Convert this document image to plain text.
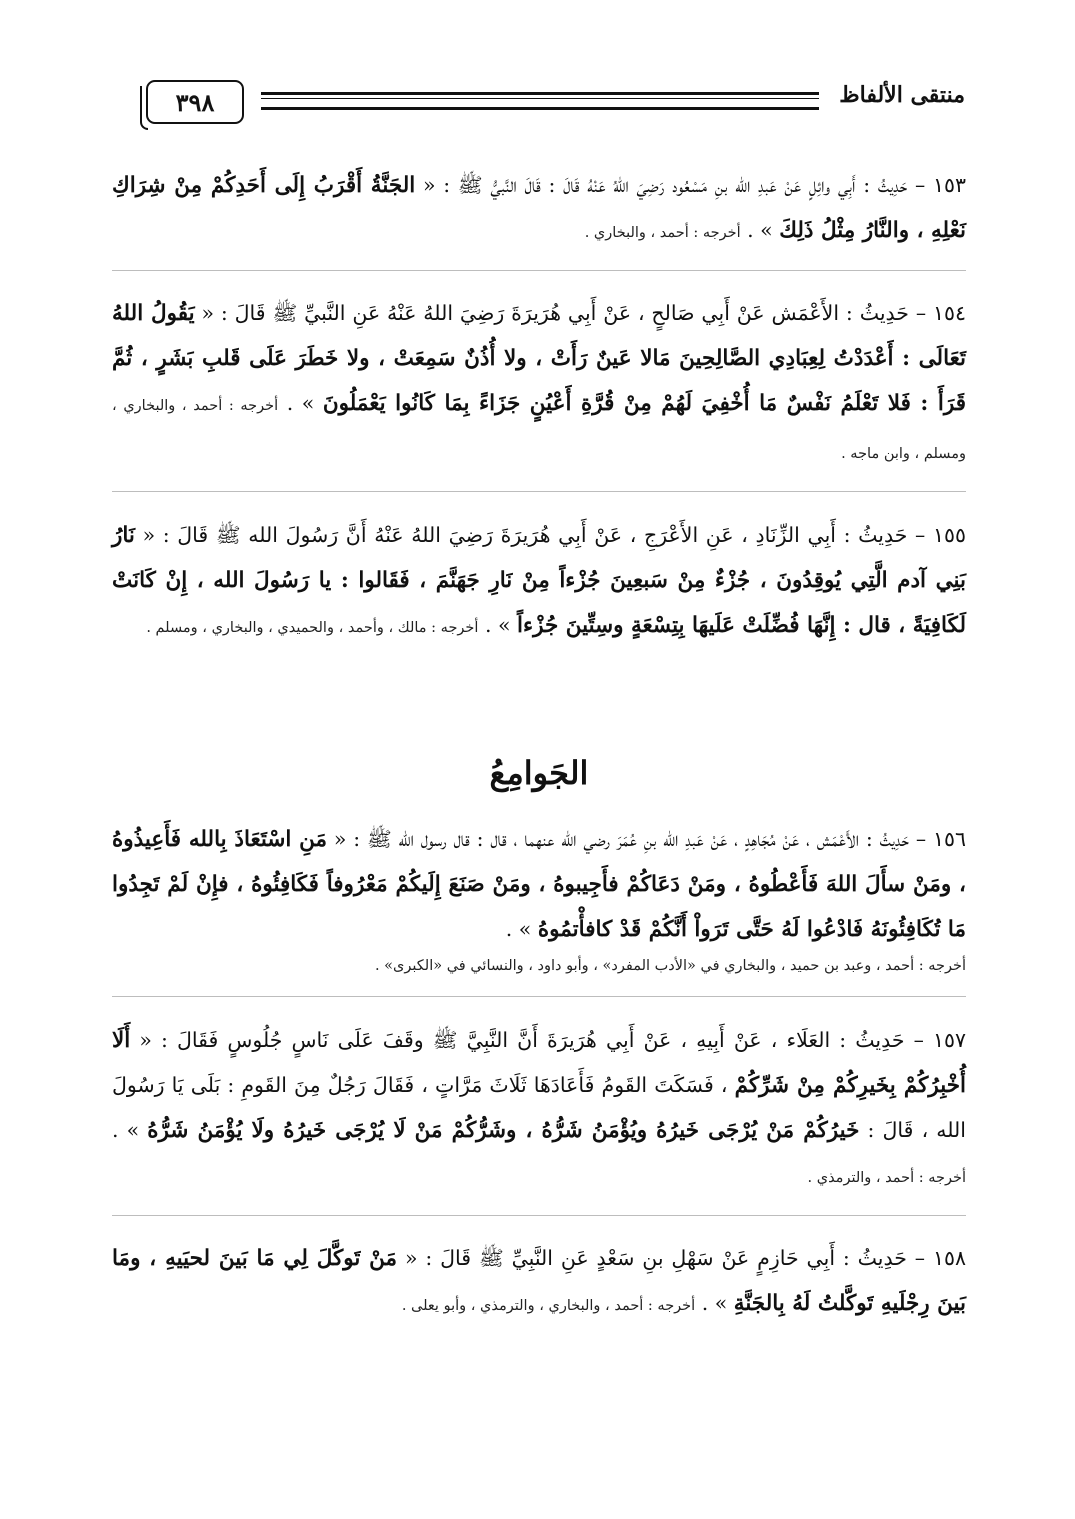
٣٩٨	منتقى الألفاظ

١٥٣ – حَدِيثُ : أَبِي وائِلٍ عَنْ عَبدِ الله بنِ مَسْعُود رَضِيَ اللهُ عَنْهُ قَالَ : قَالَ النَّبيُّ ﷺ : « الجَنَّةُ أَقْرَبُ إِلَى أَحَدِكُمْ مِنْ شِرَاكِ نَعْلِهِ ، والنَّارُ مِثْلُ ذَلِكَ » . أخرجه : أحمد ، والبخاري .

١٥٤ – حَدِيثُ : الأَعْمَش عَنْ أَبِي صَالحٍ ، عَنْ أَبِي هُرَيرَةَ رَضِيَ اللهُ عَنْهُ عَنِ النَّبيِّ ﷺ قَالَ : « يَقُولُ اللهُ تَعَالَى : أَعْدَدْتُ لِعِبَادِي الصَّالِحِينَ مَالا عَينٌ رَأَتْ ، ولا أُذُنٌ سَمِعَتْ ، ولا خَطَرَ عَلَى قَلبِ بَشَرٍ ، ثُمَّ قَرَأَ : فَلا تَعْلَمُ نَفْسٌ مَا أُخْفِيَ لَهُمْ مِنْ قُرَّةِ أَعْيُنٍ جَزَاءً بِمَا كَانُوا يَعْمَلُونَ » . أخرجه : أحمد ، والبخاري ، ومسلم ، وابن ماجه .

١٥٥ – حَدِيثُ : أَبِي الزِّنَادِ ، عَنِ الأَعْرَجِ ، عَنْ أَبِي هُرَيرَةَ رَضِيَ اللهُ عَنْهُ أَنَّ رَسُولَ الله ﷺ قَالَ : « نَارُ بَنِي آدم الَّتِي يُوقِدُونَ ، جُزْءٌ مِنْ سَبعِينَ جُزْءاً مِنْ نَارِ جَهَنَّمَ ، فَقَالوا : يا رَسُولَ الله ، إِنْ كَانَتْ لَكَافِيَةً ، قال : إِنَّهَا فُضِّلَتْ عَلَيهَا بِتِسْعَةٍ وسِتِّينَ جُزْءاً » . أخرجه : مالك ، وأحمد ، والحميدي ، والبخاري ، ومسلم .

الجَوامِعُ

١٥٦ – حَدِيثُ : الأَعْمَش ، عَنْ مُجَاهِدٍ ، عَنْ عَبدِ الله بنِ عُمَرَ رضي الله عنهما ، قال : قال رسول الله ﷺ : « مَنِ اسْتَعَاذَ بِالله فَأَعِيذُوهُ ، ومَنْ سأَلَ اللهَ فَأَعْطُوهُ ، ومَنْ دَعَاكُمْ فأَجِيبوهُ ، ومَنْ صَنَعَ إِلَيكُمْ مَعْرُوفاً فَكَافِئُوهُ ، فإِنْ لَمْ تَجِدُوا مَا تُكَافِئُونَهُ فَادْعُوا لَهُ حَتَّى تَرَواْ أَنَّكُمْ قَدْ كافأْتمُوهُ » .
أخرجه : أحمد ، وعبد بن حميد ، والبخاري في «الأدب المفرد» ، وأبو داود ، والنسائي في «الكبرى» .

١٥٧ – حَدِيثُ : العَلَاء ، عَنْ أَبِيهِ ، عَنْ أَبِي هُرَيرَةَ أَنَّ النَّبِيَّ ﷺ وقَفَ عَلَى نَاسٍ جُلُوسٍ فَقَالَ : « أَلَا أُخْبِرُكُمْ بِخَيرِكُمْ مِنْ شَرِّكُمْ ، فَسَكَتَ القَومُ فَأَعَادَهَا ثَلَاثَ مَرَّاتٍ ، فَقَالَ رَجُلٌ مِنَ القَومِ : بَلَى يَا رَسُولَ الله ، قَالَ : خَيرُكُمْ مَنْ يُرْجَى خَيرُهُ ويُؤْمَنُ شَرُّهُ ، وشَرُّكُمْ مَنْ لَا يُرْجَى خَيرُهُ ولَا يُؤْمَنُ شَرُّهُ » . أخرجه : أحمد ، والترمذي .

١٥٨ – حَدِيثُ : أَبِي حَازِمٍ عَنْ سَهْلِ بنِ سَعْدٍ عَنِ النَّبِيِّ ﷺ قَالَ : « مَنْ تَوكَّلَ لِي مَا بَينَ لحيَيهِ ، ومَا بَينَ رِجْلَيهِ تَوكَّلتُ لَهُ بِالجَنَّةِ » . أخرجه : أحمد ، والبخاري ، والترمذي ، وأبو يعلى .
